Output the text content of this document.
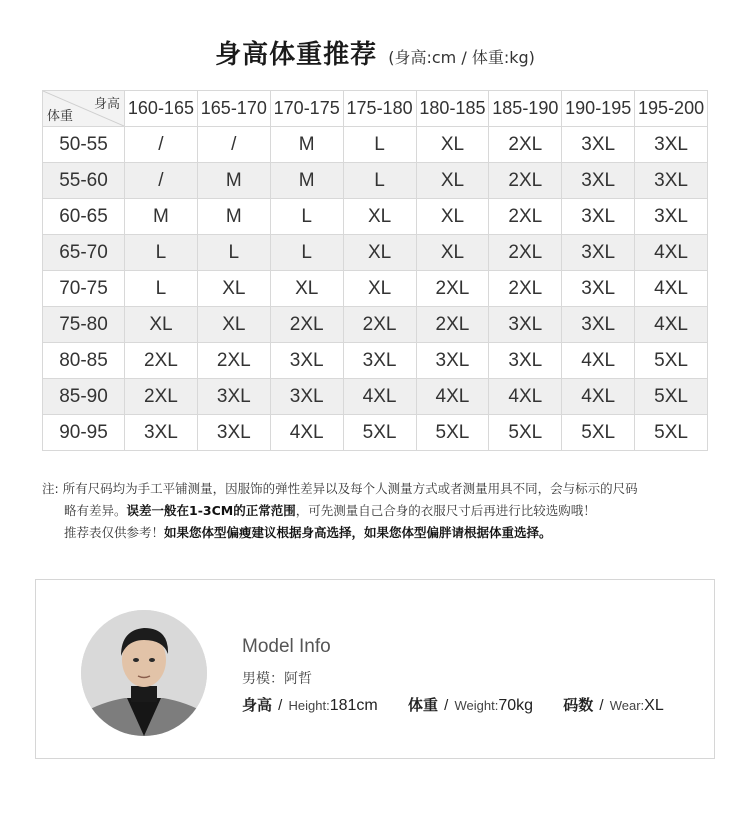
身高体重推荐 (身高:cm / 体重:kg)
身高
体重	160-165	165-170	170-175	175-180	180-185	185-190	190-195	195-200
50-55	/	/	M	L	XL	2XL	3XL	3XL
55-60	/	M	M	L	XL	2XL	3XL	3XL
60-65	M	M	L	XL	XL	2XL	3XL	3XL
65-70	L	L	L	XL	XL	2XL	3XL	4XL
70-75	L	XL	XL	XL	2XL	2XL	3XL	4XL
75-80	XL	XL	2XL	2XL	2XL	3XL	3XL	4XL
80-85	2XL	2XL	3XL	3XL	3XL	3XL	4XL	5XL
85-90	2XL	3XL	3XL	4XL	4XL	4XL	4XL	5XL
90-95	3XL	3XL	4XL	5XL	5XL	5XL	5XL	5XL
注: 所有尺码均为手工平铺测量，因服饰的弹性差异以及每个人测量方式或者测量用具不同，会与标示的尺码
略有差异。误差一般在1-3CM的正常范围，可先测量自己合身的衣服尺寸后再进行比较选购哦！
推荐表仅供参考！如果您体型偏瘦建议根据身高选择，如果您体型偏胖请根据体重选择。
Model Info
男模：阿哲
身高 / Height:181cm 体重 / Weight:70kg 码数 / Wear:XL
